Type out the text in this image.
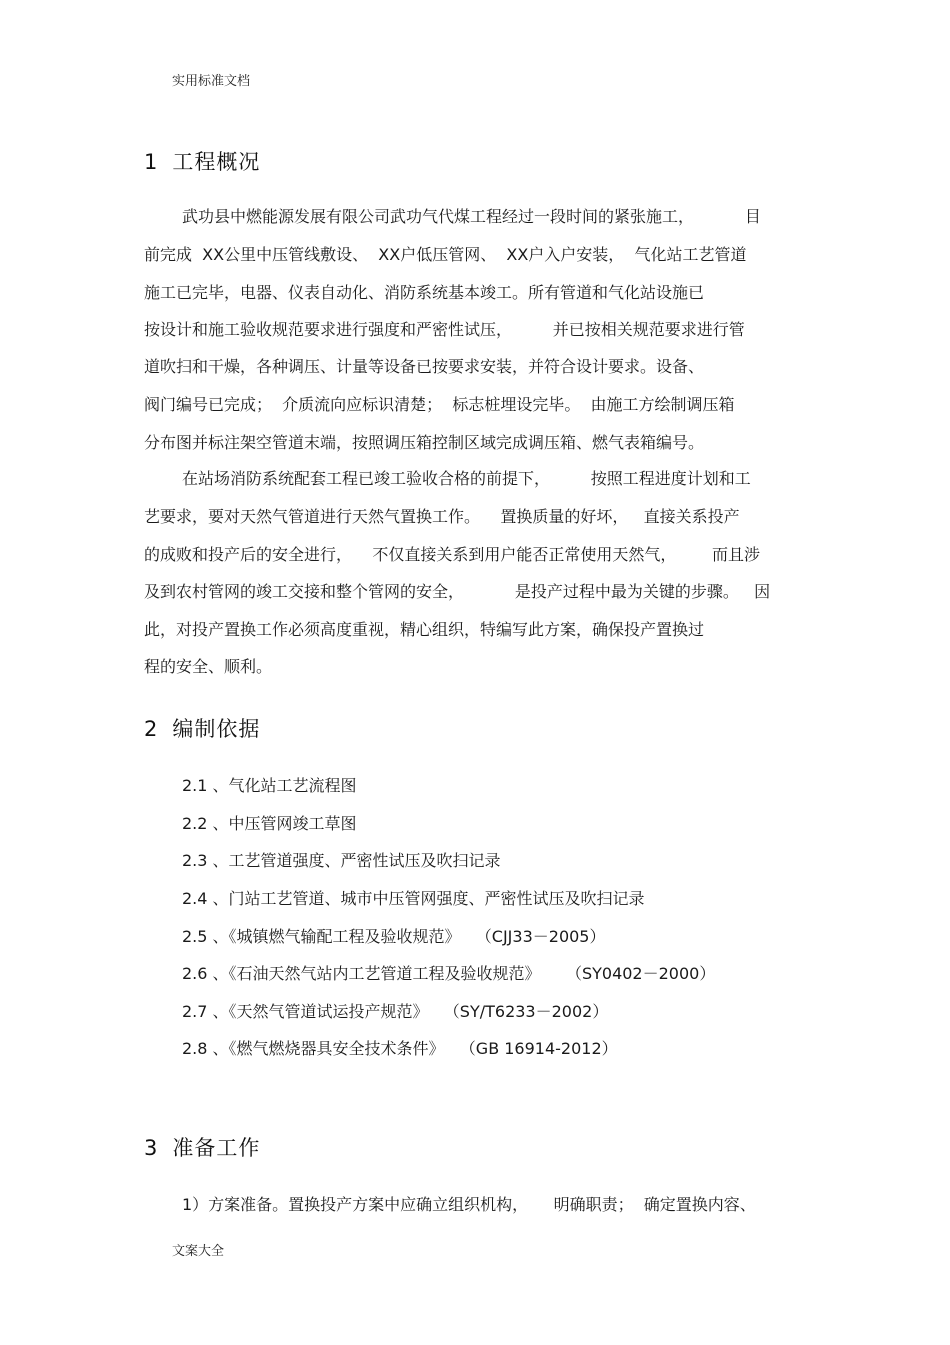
实用标准文档
1 工程概况
武功县中燃能源发展有限公司武功气代煤工程经过一段时间的紧张施工，          目
前完成  XX公里中压管线敷设、  XX户低压管网、  XX户入户安装，  气化站工艺管道
施工已完毕，电器、仪表自动化、消防系统基本竣工。所有管道和气化站设施已
按设计和施工验收规范要求进行强度和严密性试压，        并已按相关规范要求进行管
道吹扫和干燥，各种调压、计量等设备已按要求安装，并符合设计要求。设备、
阀门编号已完成；  介质流向应标识清楚；  标志桩埋设完毕。  由施工方绘制调压箱
分布图并标注架空管道末端，按照调压箱控制区域完成调压箱、燃气表箱编号。
在站场消防系统配套工程已竣工验收合格的前提下，        按照工程进度计划和工
艺要求，要对天然气管道进行天然气置换工作。    置换质量的好坏，   直接关系投产
的成败和投产后的安全进行，    不仅直接关系到用户能否正常使用天然气，       而且涉
及到农村管网的竣工交接和整个管网的安全，          是投产过程中最为关键的步骤。   因
此，对投产置换工作必须高度重视，精心组织，特编写此方案，确保投产置换过
程的安全、顺利。
2 编制依据
2.1 、气化站工艺流程图
2.2 、中压管网竣工草图
2.3 、工艺管道强度、严密性试压及吹扫记录
2.4 、门站工艺管道、城市中压管网强度、严密性试压及吹扫记录
2.5 、《城镇燃气输配工程及验收规范》   （CJJ33－2005）
2.6 、《石油天然气站内工艺管道工程及验收规范》     （SY0402－2000）
2.7 、《天然气管道试运投产规范》   （SY/T6233－2002）
2.8 、《燃气燃烧器具安全技术条件》   （GB 16914-2012）
3 准备工作
1）方案准备。置换投产方案中应确立组织机构，     明确职责；  确定置换内容、
文案大全
